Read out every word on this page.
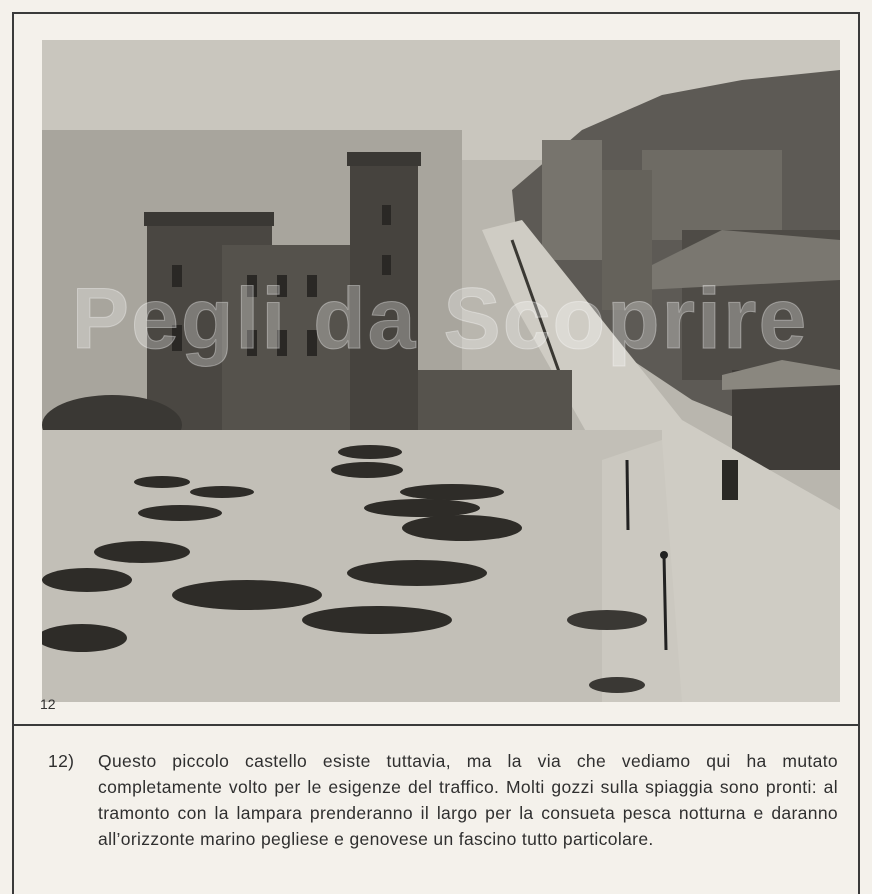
Pegli da Scoprire
12
12) Questo piccolo castello esiste tuttavia, ma la via che vediamo qui ha mutato completamente volto per le esigenze del traffico. Molti gozzi sulla spiaggia sono pronti: al tramonto con la lampara prenderanno il largo per la consueta pesca notturna e daranno all’orizzonte marino pegliese e genovese un fascino tutto particolare.
